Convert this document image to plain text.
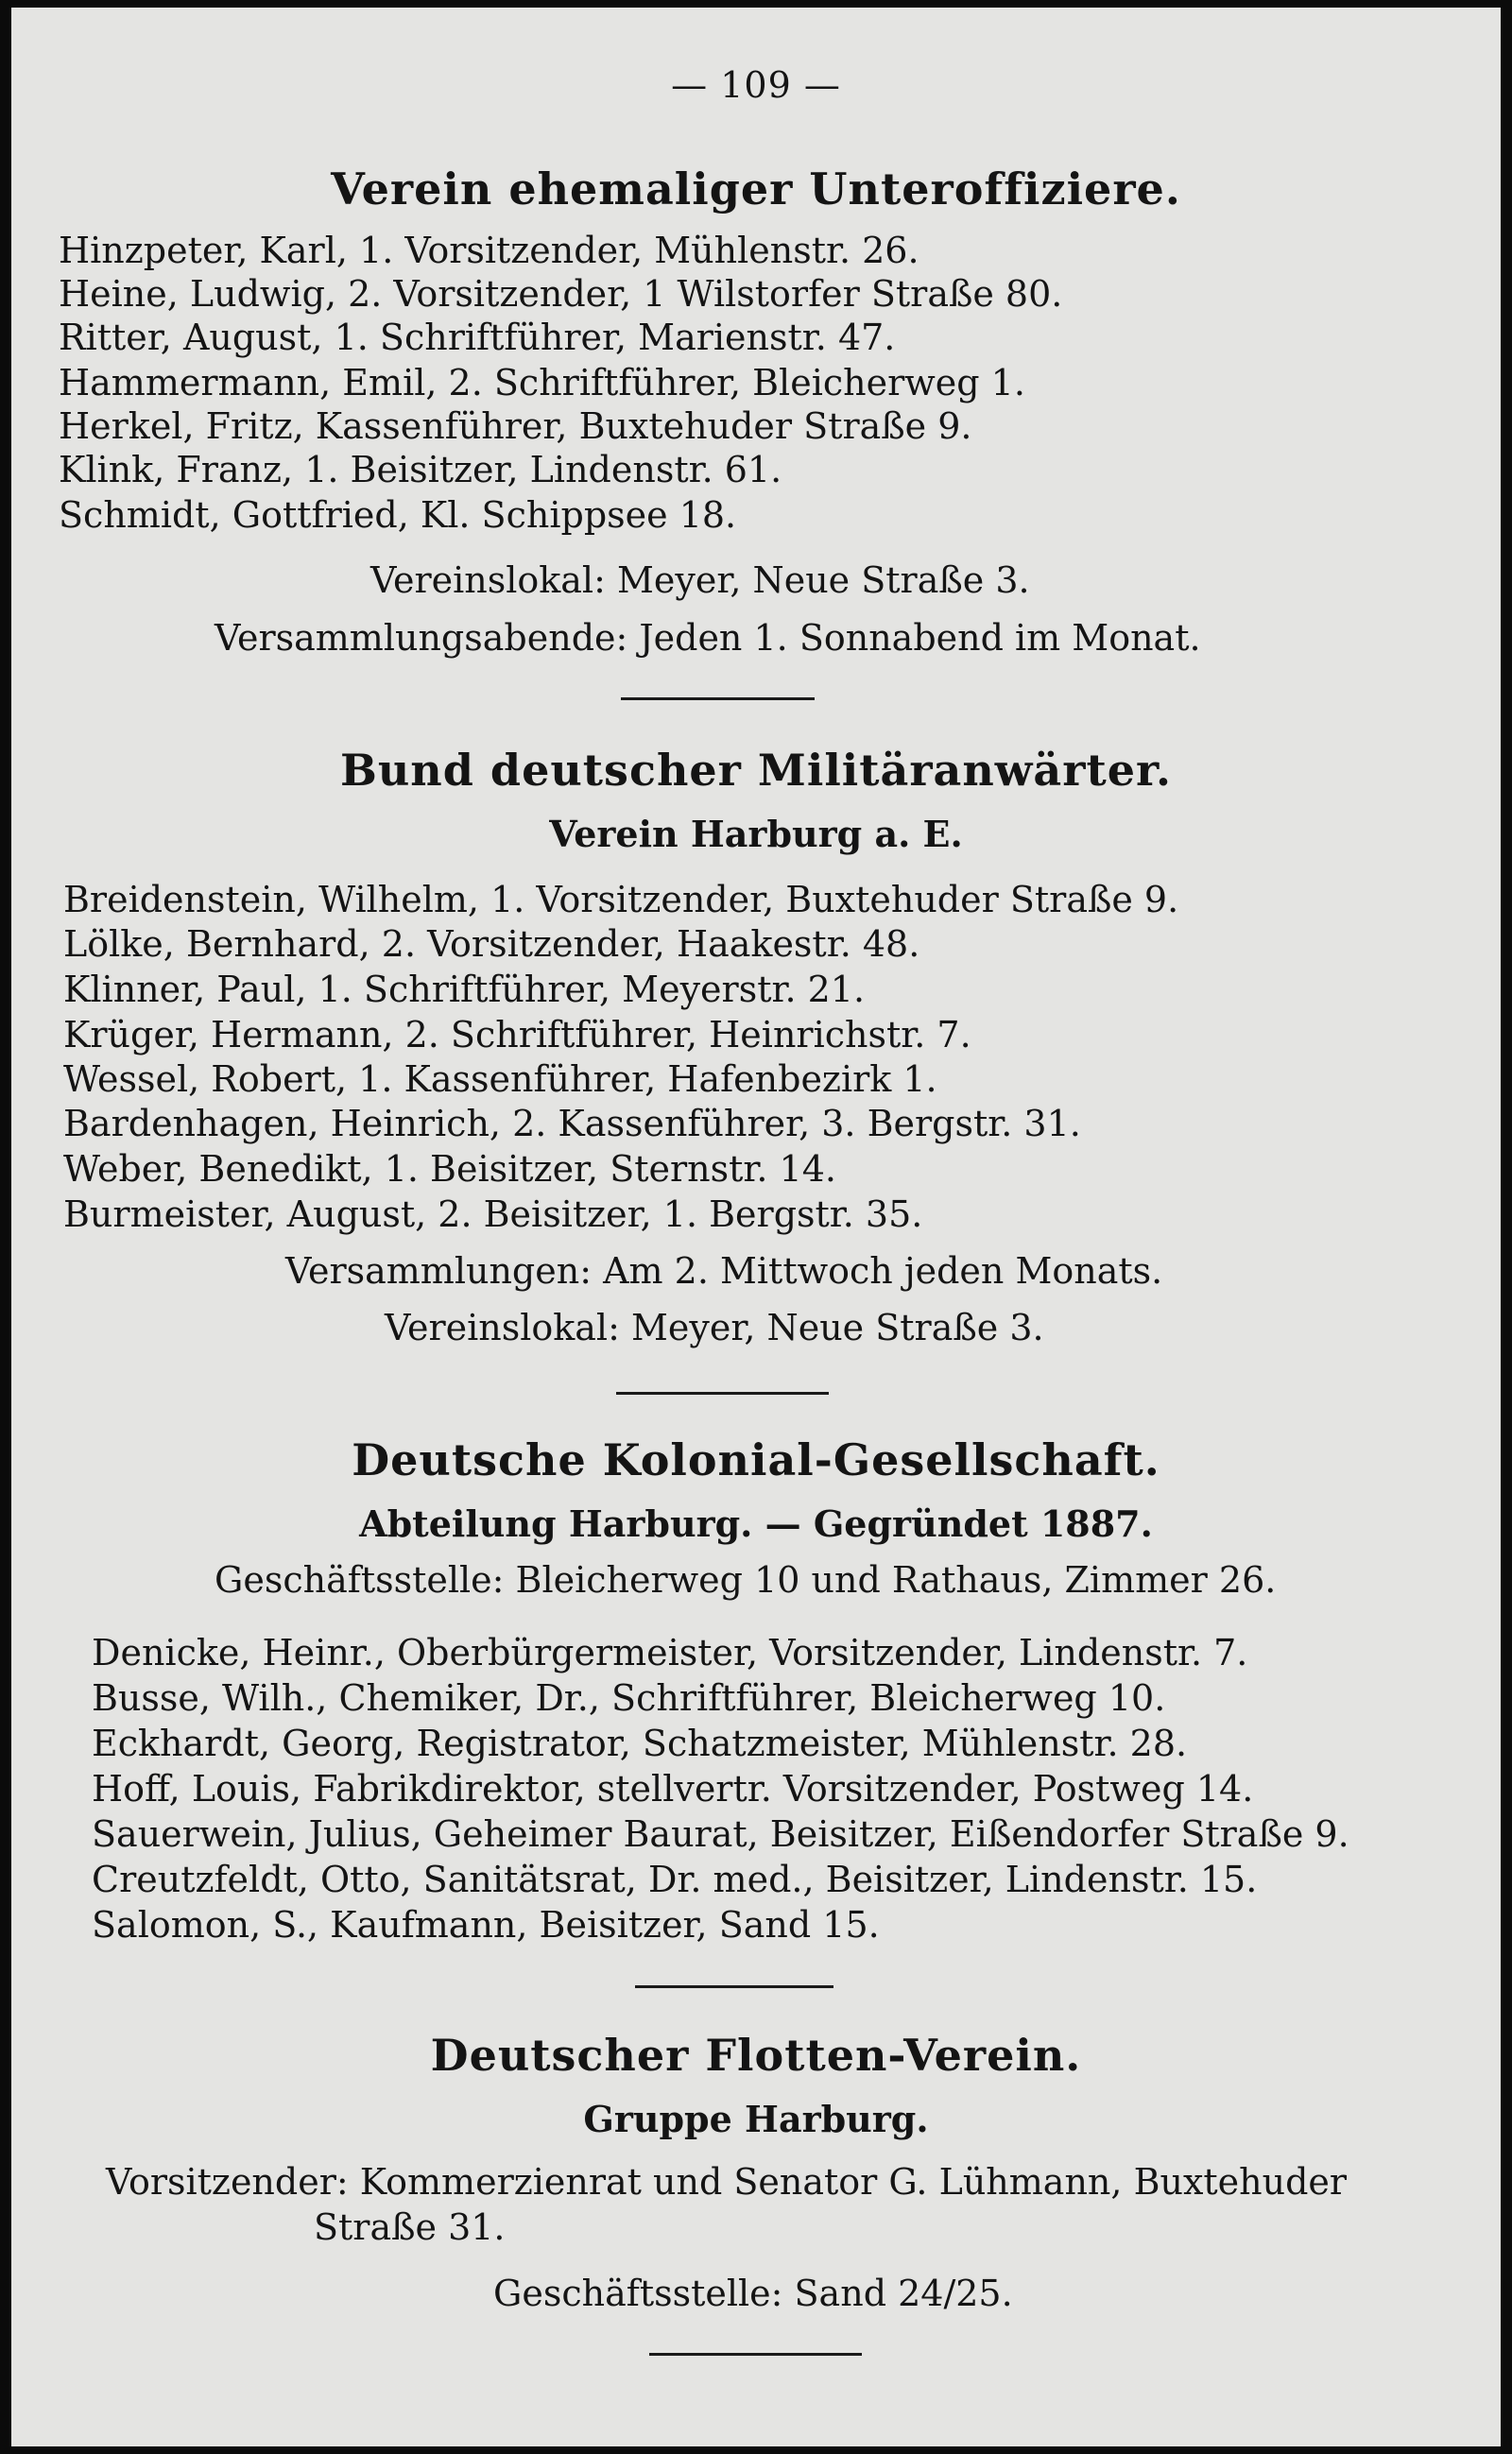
— 109 —
Verein ehemaliger Unteroffiziere.
Hinzpeter, Karl, 1. Vorsitzender, Mühlenstr. 26.
Heine, Ludwig, 2. Vorsitzender, 1 Wilstorfer Straße 80.
Ritter, August, 1. Schriftführer, Marienstr. 47.
Hammermann, Emil, 2. Schriftführer, Bleicherweg 1.
Herkel, Fritz, Kassenführer, Buxtehuder Straße 9.
Klink, Franz, 1. Beisitzer, Lindenstr. 61.
Schmidt, Gottfried, Kl. Schippsee 18.
Vereinslokal: Meyer, Neue Straße 3.
Versammlungsabende: Jeden 1. Sonnabend im Monat.
Bund deutscher Militäranwärter.
Verein Harburg a. E.
Breidenstein, Wilhelm, 1. Vorsitzender, Buxtehuder Straße 9.
Lölke, Bernhard, 2. Vorsitzender, Haakestr. 48.
Klinner, Paul, 1. Schriftführer, Meyerstr. 21.
Krüger, Hermann, 2. Schriftführer, Heinrichstr. 7.
Wessel, Robert, 1. Kassenführer, Hafenbezirk 1.
Bardenhagen, Heinrich, 2. Kassenführer, 3. Bergstr. 31.
Weber, Benedikt, 1. Beisitzer, Sternstr. 14.
Burmeister, August, 2. Beisitzer, 1. Bergstr. 35.
Versammlungen: Am 2. Mittwoch jeden Monats.
Vereinslokal: Meyer, Neue Straße 3.
Deutsche Kolonial-Gesellschaft.
Abteilung Harburg. — Gegründet 1887.
Geschäftsstelle: Bleicherweg 10 und Rathaus, Zimmer 26.
Denicke, Heinr., Oberbürgermeister, Vorsitzender, Lindenstr. 7.
Busse, Wilh., Chemiker, Dr., Schriftführer, Bleicherweg 10.
Eckhardt, Georg, Registrator, Schatzmeister, Mühlenstr. 28.
Hoff, Louis, Fabrikdirektor, stellvertr. Vorsitzender, Postweg 14.
Sauerwein, Julius, Geheimer Baurat, Beisitzer, Eißendorfer Straße 9.
Creutzfeldt, Otto, Sanitätsrat, Dr. med., Beisitzer, Lindenstr. 15.
Salomon, S., Kaufmann, Beisitzer, Sand 15.
Deutscher Flotten-Verein.
Gruppe Harburg.
Vorsitzender: Kommerzienrat und Senator G. Lühmann, Buxtehuder
Straße 31.
Geschäftsstelle: Sand 24/25.
